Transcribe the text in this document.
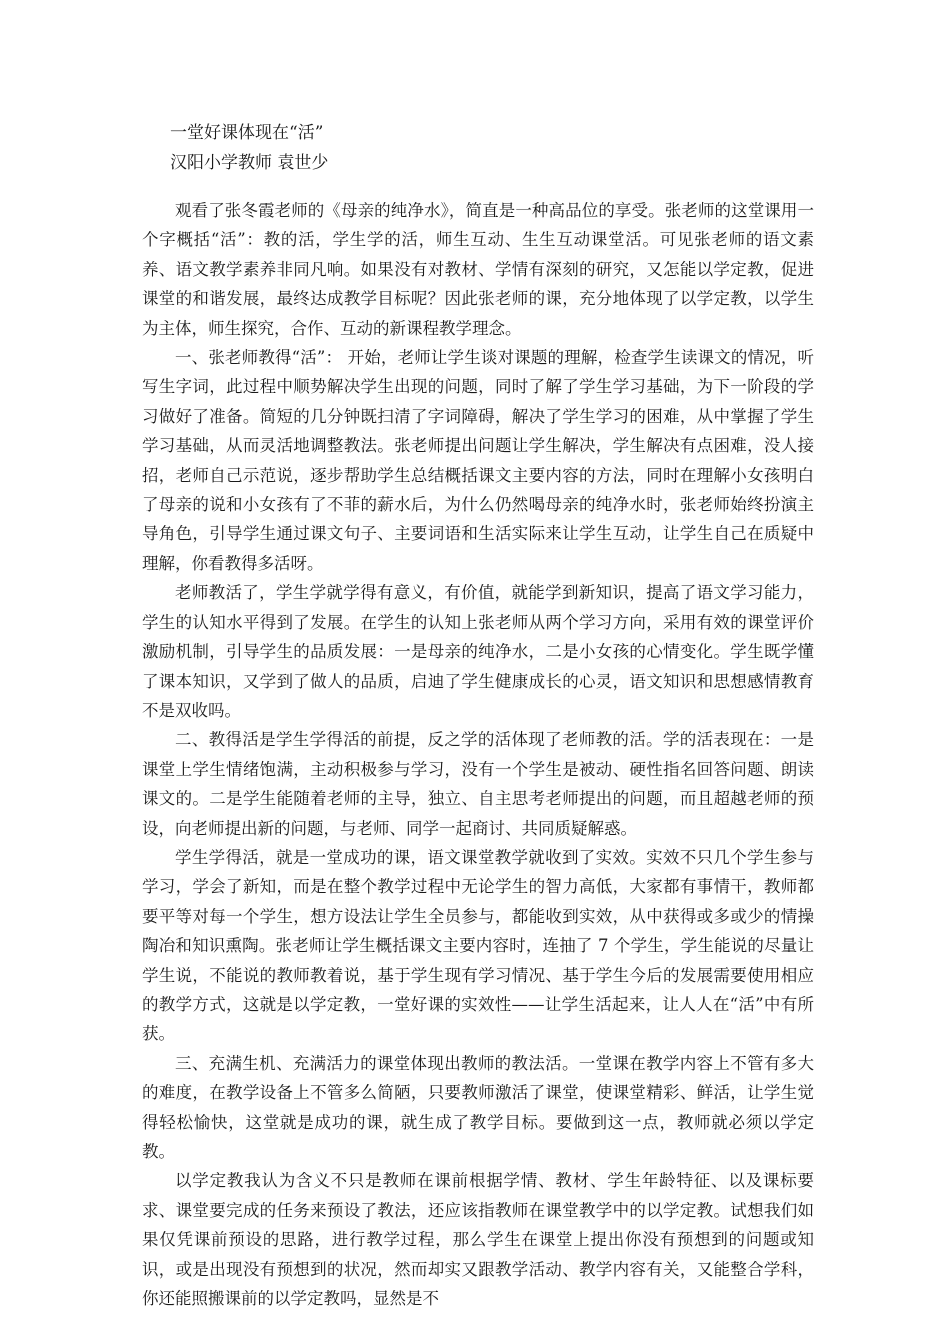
一堂好课体现在“活”
汉阳小学教师 袁世少

观看了张冬霞老师的《母亲的纯净水》，简直是一种高品位的享受。张老师的这堂课用一个字概括“活”：教的活，学生学的活，师生互动、生生互动课堂活。可见张老师的语文素养、语文教学素养非同凡响。如果没有对教材、学情有深刻的研究，又怎能以学定教，促进课堂的和谐发展，最终达成教学目标呢？因此张老师的课，充分地体现了以学定教，以学生为主体，师生探究，合作、互动的新课程教学理念。

一、张老师教得“活”： 开始，老师让学生谈对课题的理解，检查学生读课文的情况，听写生字词，此过程中顺势解决学生出现的问题，同时了解了学生学习基础，为下一阶段的学习做好了准备。简短的几分钟既扫清了字词障碍，解决了学生学习的困难，从中掌握了学生学习基础，从而灵活地调整教法。张老师提出问题让学生解决，学生解决有点困难，没人接招，老师自己示范说，逐步帮助学生总结概括课文主要内容的方法，同时在理解小女孩明白了母亲的说和小女孩有了不菲的薪水后，为什么仍然喝母亲的纯净水时，张老师始终扮演主导角色，引导学生通过课文句子、主要词语和生活实际来让学生互动，让学生自己在质疑中理解，你看教得多活呀。

老师教活了，学生学就学得有意义，有价值，就能学到新知识，提高了语文学习能力，学生的认知水平得到了发展。在学生的认知上张老师从两个学习方向，采用有效的课堂评价激励机制，引导学生的品质发展：一是母亲的纯净水，二是小女孩的心情变化。学生既学懂了课本知识，又学到了做人的品质，启迪了学生健康成长的心灵，语文知识和思想感情教育不是双收吗。

二、教得活是学生学得活的前提，反之学的活体现了老师教的活。学的活表现在：一是课堂上学生情绪饱满，主动积极参与学习，没有一个学生是被动、硬性指名回答问题、朗读课文的。二是学生能随着老师的主导，独立、自主思考老师提出的问题，而且超越老师的预设，向老师提出新的问题，与老师、同学一起商讨、共同质疑解惑。

学生学得活，就是一堂成功的课，语文课堂教学就收到了实效。实效不只几个学生参与学习，学会了新知，而是在整个教学过程中无论学生的智力高低，大家都有事情干，教师都要平等对每一个学生，想方设法让学生全员参与，都能收到实效，从中获得或多或少的情操陶冶和知识熏陶。张老师让学生概括课文主要内容时，连抽了 7 个学生，学生能说的尽量让学生说，不能说的教师教着说，基于学生现有学习情况、基于学生今后的发展需要使用相应的教学方式，这就是以学定教，一堂好课的实效性——让学生活起来，让人人在“活”中有所获。

三、充满生机、充满活力的课堂体现出教师的教法活。一堂课在教学内容上不管有多大的难度，在教学设备上不管多么简陋，只要教师激活了课堂，使课堂精彩、鲜活，让学生觉得轻松愉快，这堂就是成功的课，就生成了教学目标。要做到这一点，教师就必须以学定教。

以学定教我认为含义不只是教师在课前根据学情、教材、学生年龄特征、以及课标要求、课堂要完成的任务来预设了教法，还应该指教师在课堂教学中的以学定教。试想我们如果仅凭课前预设的思路，进行教学过程，那么学生在课堂上提出你没有预想到的问题或知识，或是出现没有预想到的状况，然而却实又跟教学活动、教学内容有关，又能整合学科，你还能照搬课前的以学定教吗，显然是不
